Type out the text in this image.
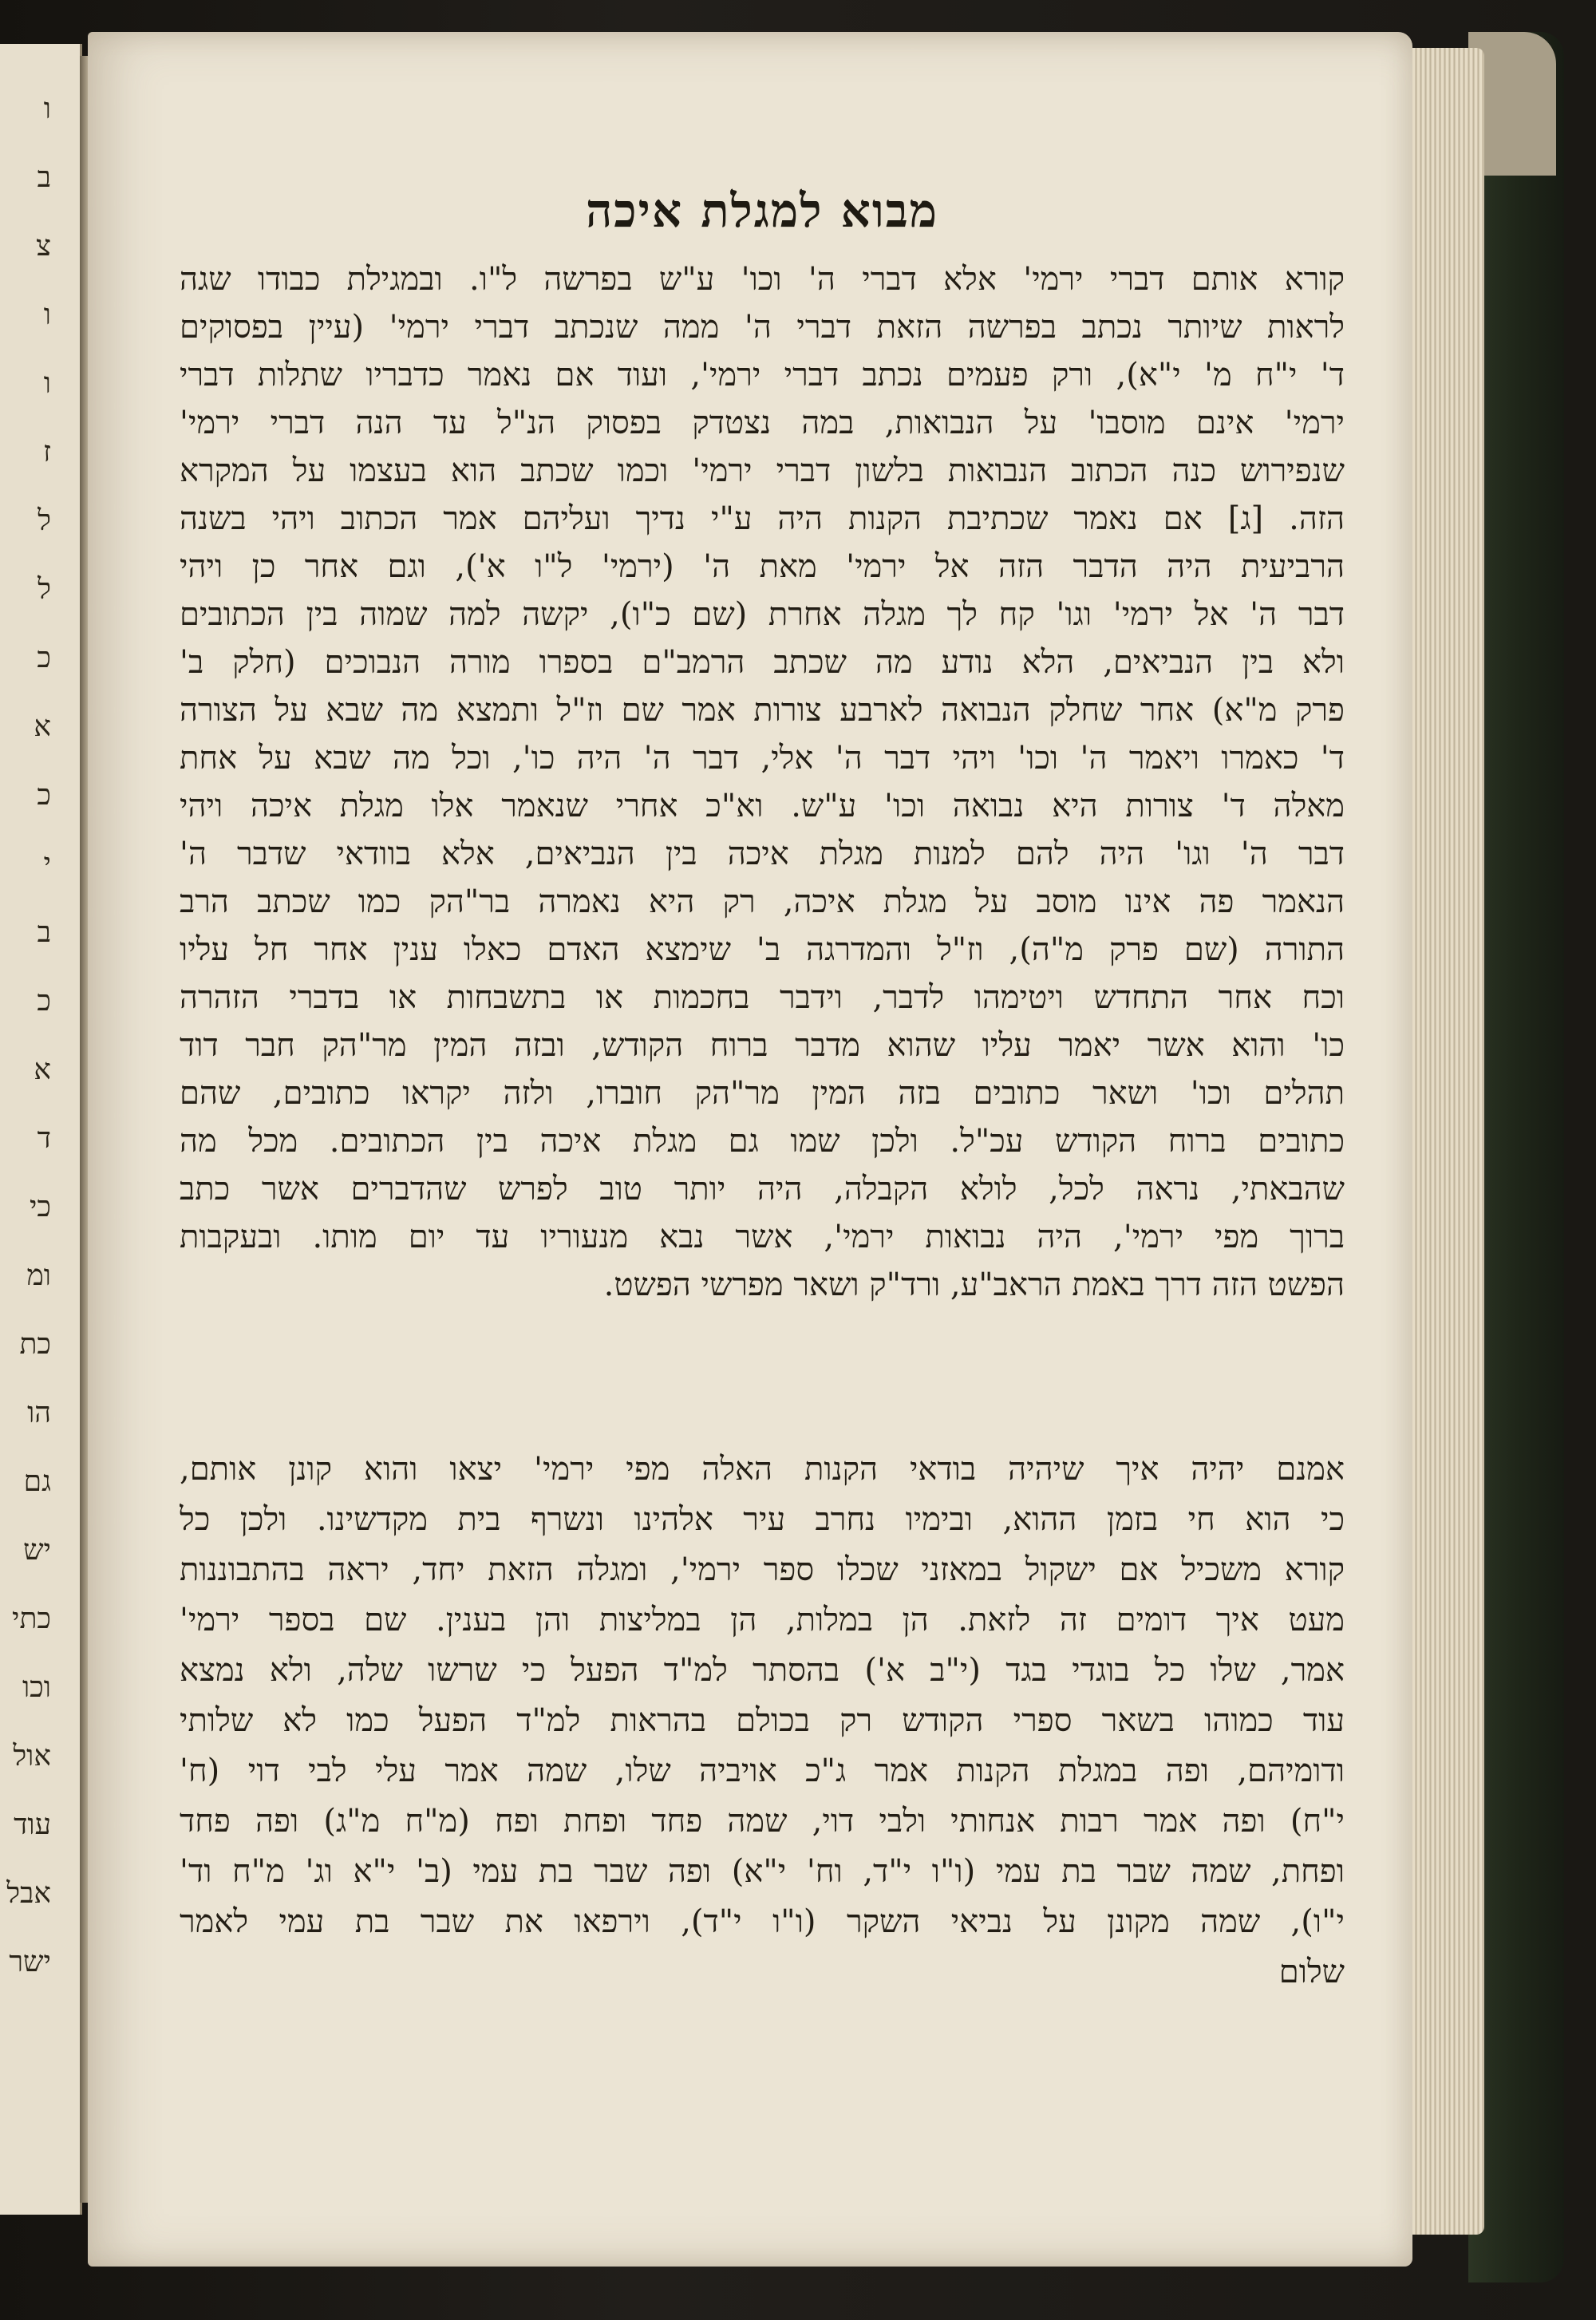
ו
ב
צ
ו
ו
ז
ל
ל
כ
א
כ
י
ב
כ
א
ד
כי
ומ
כת
הו
גם
יש
כתי
וכו
אול
עוד
אבל
ישר
מבוא למגלת איכה
קורא אותם דברי ירמי' אלא דברי ה' וכו' ע"ש בפרשה ל"ו. ובמגילת כבודו שגה
לראות שיותר נכתב בפרשה הזאת דברי ה' ממה שנכתב דברי ירמי' (עיין בפסוקים
ד' י"ח מ' י"א), ורק פעמים נכתב דברי ירמי', ועוד אם נאמר כדבריו שתלות דברי
ירמי' אינם מוסבו' על הנבואות, במה נצטדק בפסוק הנ"ל עד הנה דברי ירמי'
שנפירוש כנה הכתוב הנבואות בלשון דברי ירמי' וכמו שכתב הוא בעצמו על המקרא
הזה. [ג] אם נאמר שכתיבת הקנות היה ע"י נדיך ועליהם אמר הכתוב ויהי בשנה
הרביעית היה הדבר הזה אל ירמי' מאת ה' (ירמי' ל"ו א'), וגם אחר כן ויהי
דבר ה' אל ירמי' וגו' קח לך מגלה אחרת (שם כ"ו), יקשה למה שמוה בין הכתובים
ולא בין הנביאים, הלא נודע מה שכתב הרמב"ם בספרו מורה הנבוכים (חלק ב'
פרק מ"א) אחר שחלק הנבואה לארבע צורות אמר שם וז"ל ותמצא מה שבא על הצורה
ד' כאמרו ויאמר ה' וכו' ויהי דבר ה' אלי, דבר ה' היה כו', וכל מה שבא על אחת
מאלה ד' צורות היא נבואה וכו' ע"ש. וא"כ אחרי שנאמר אלו מגלת איכה ויהי
דבר ה' וגו' היה להם למנות מגלת איכה בין הנביאים, אלא בוודאי שדבר ה'
הנאמר פה אינו מוסב על מגלת איכה, רק היא נאמרה בר"הק כמו שכתב הרב
התורה (שם פרק מ"ה), וז"ל והמדרגה ב' שימצא האדם כאלו ענין אחר חל עליו
וכח אחר התחדש ויטימהו לדבר, וידבר בחכמות או בתשבחות או בדברי הזהרה
כו' והוא אשר יאמר עליו שהוא מדבר ברוח הקודש, ובזה המין מר"הק חבר דוד
תהלים וכו' ושאר כתובים בזה המין מר"הק חוברו, ולזה יקראו כתובים, שהם
כתובים ברוח הקודש עכ"ל. ולכן שמו גם מגלת איכה בין הכתובים. מכל מה
שהבאתי, נראה לכל, לולא הקבלה, היה יותר טוב לפרש שהדברים אשר כתב
ברוך מפי ירמי', היה נבואות ירמי', אשר נבא מנעוריו עד יום מותו. ובעקבות
הפשט הזה דרך באמת הראב"ע, ורד"ק ושאר מפרשי הפשט.
אמנם יהיה איך שיהיה בודאי הקנות האלה מפי ירמי' יצאו והוא קונן אותם,
כי הוא חי בזמן ההוא, ובימיו נחרב עיר אלהינו ונשרף בית מקדשינו. ולכן כל
קורא משכיל אם ישקול במאזני שכלו ספר ירמי', ומגלה הזאת יחד, יראה בהתבוננות
מעט איך דומים זה לזאת. הן במלות, הן במליצות והן בענין. שם בספר ירמי'
אמר, שלו כל בוגדי בגד (י"ב א') בהסתר למ"ד הפעל כי שרשו שלה, ולא נמצא
עוד כמוהו בשאר ספרי הקודש רק בכולם בהראות למ"ד הפעל כמו לא שלותי
ודומיהם, ופה במגלת הקנות אמר ג"כ אויביה שלו, שמה אמר עלי לבי דוי (ח'
י"ח) ופה אמר רבות אנחותי ולבי דוי, שמה פחד ופחת ופח (מ"ח מ"ג) ופה פחד
ופחת, שמה שבר בת עמי (ו"ו י"ד, וח' י"א) ופה שבר בת עמי (ב' י"א וג' מ"ח וד'
י"ו), שמה מקונן על נביאי השקר (ו"ו י"ד), וירפאו את שבר בת עמי לאמר
שלום
